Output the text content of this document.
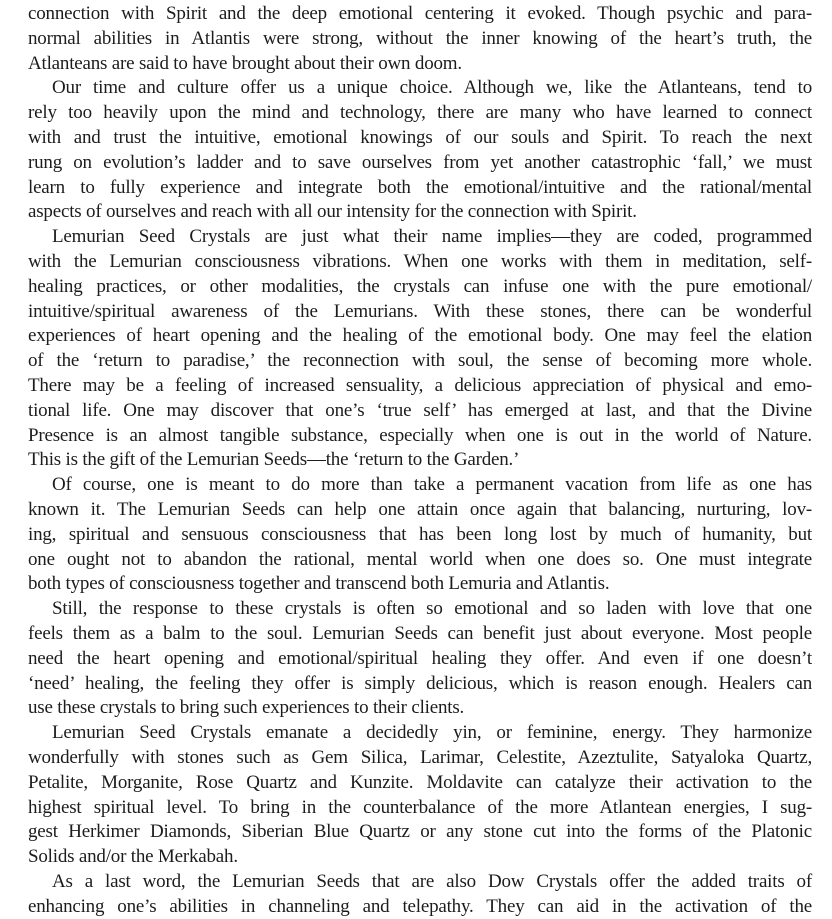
connection with Spirit and the deep emotional centering it evoked. Though psychic and para-
normal abilities in Atlantis were strong, without the inner knowing of the heart’s truth, the
Atlanteans are said to have brought about their own doom.
Our time and culture offer us a unique choice. Although we, like the Atlanteans, tend to
rely too heavily upon the mind and technology, there are many who have learned to connect
with and trust the intuitive, emotional knowings of our souls and Spirit. To reach the next
rung on evolution’s ladder and to save ourselves from yet another catastrophic ‘fall,’ we must
learn to fully experience and integrate both the emotional/intuitive and the rational/mental
aspects of ourselves and reach with all our intensity for the connection with Spirit.
Lemurian Seed Crystals are just what their name implies—they are coded, programmed
with the Lemurian consciousness vibrations. When one works with them in meditation, self-
healing practices, or other modalities, the crystals can infuse one with the pure emotional/
intuitive/spiritual awareness of the Lemurians. With these stones, there can be wonderful
experiences of heart opening and the healing of the emotional body. One may feel the elation
of the ‘return to paradise,’ the reconnection with soul, the sense of becoming more whole.
There may be a feeling of increased sensuality, a delicious appreciation of physical and emo-
tional life. One may discover that one’s ‘true self’ has emerged at last, and that the Divine
Presence is an almost tangible substance, especially when one is out in the world of Nature.
This is the gift of the Lemurian Seeds—the ‘return to the Garden.’
Of course, one is meant to do more than take a permanent vacation from life as one has
known it. The Lemurian Seeds can help one attain once again that balancing, nurturing, lov-
ing, spiritual and sensuous consciousness that has been long lost by much of humanity, but
one ought not to abandon the rational, mental world when one does so. One must integrate
both types of consciousness together and transcend both Lemuria and Atlantis.
Still, the response to these crystals is often so emotional and so laden with love that one
feels them as a balm to the soul. Lemurian Seeds can benefit just about everyone. Most people
need the heart opening and emotional/spiritual healing they offer. And even if one doesn’t
‘need’ healing, the feeling they offer is simply delicious, which is reason enough. Healers can
use these crystals to bring such experiences to their clients.
Lemurian Seed Crystals emanate a decidedly yin, or feminine, energy. They harmonize
wonderfully with stones such as Gem Silica, Larimar, Celestite, Azeztulite, Satyaloka Quartz,
Petalite, Morganite, Rose Quartz and Kunzite. Moldavite can catalyze their activation to the
highest spiritual level. To bring in the counterbalance of the more Atlantean energies, I sug-
gest Herkimer Diamonds, Siberian Blue Quartz or any stone cut into the forms of the Platonic
Solids and/or the Merkabah.
As a last word, the Lemurian Seeds that are also Dow Crystals offer the added traits of
enhancing one’s abilities in channeling and telepathy. They can aid in the activation of the
